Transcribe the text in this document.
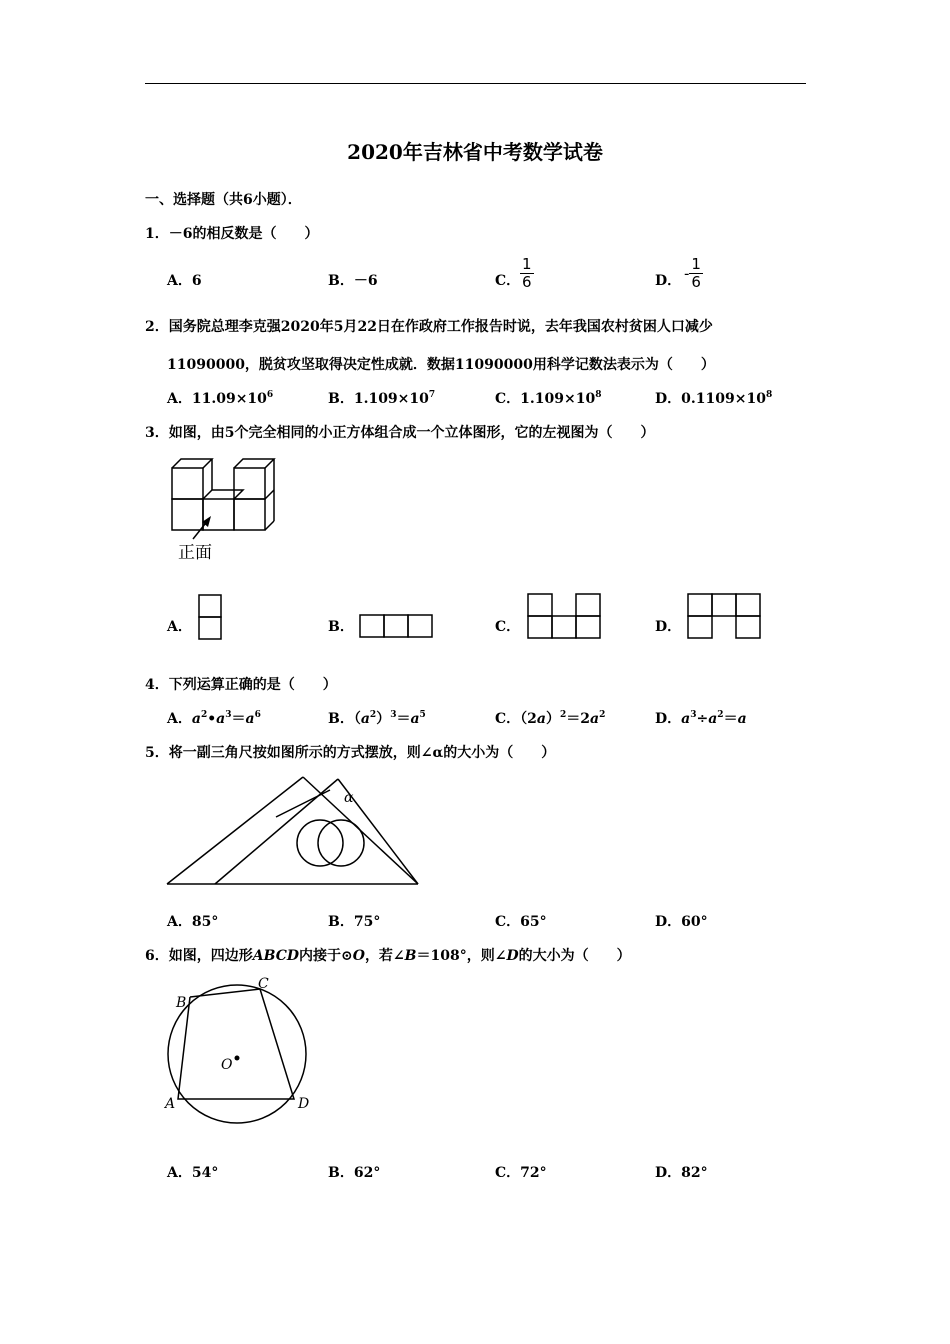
2020年吉林省中考数学试卷
一、选择题（共6小题）．
1．－6的相反数是（　　）
A．6	B．－6	C． $\frac{1}{6}$	D． - $\frac{1}{6}$
2．国务院总理李克强2020年5月22日在作政府工作报告时说，去年我国农村贫困人口减少
11090000，脱贫攻坚取得决定性成就．数据11090000用科学记数法表示为（　　）
A．$11.09\times 10^6$	B．$1.109\times 10^7$	C．$1.109\times 10^8$	D．$0.1109\times 10^8$
3．如图，由5个完全相同的小正方体组合成一个立体图形，它的左视图为（　　）
正面
A．	B．	C．	D．
4．下列运算正确的是（　　）
A．$a^2•a^3=a^6$	B．$(a^2)^3=a^5$	C．$(2a)^2=2a^2$	D．$a^3\div a^2=a$
5．将一副三角尺按如图所示的方式摆放，则∠α的大小为（　　）
α
A．85°	B．75°	C．65°	D．60°
6．如图，四边形ABCD内接于⊙O，若∠B＝108°，则∠D的大小为（　　）
B
C
A	D
O
A．54°	B．62°	C．72°	D．82°
